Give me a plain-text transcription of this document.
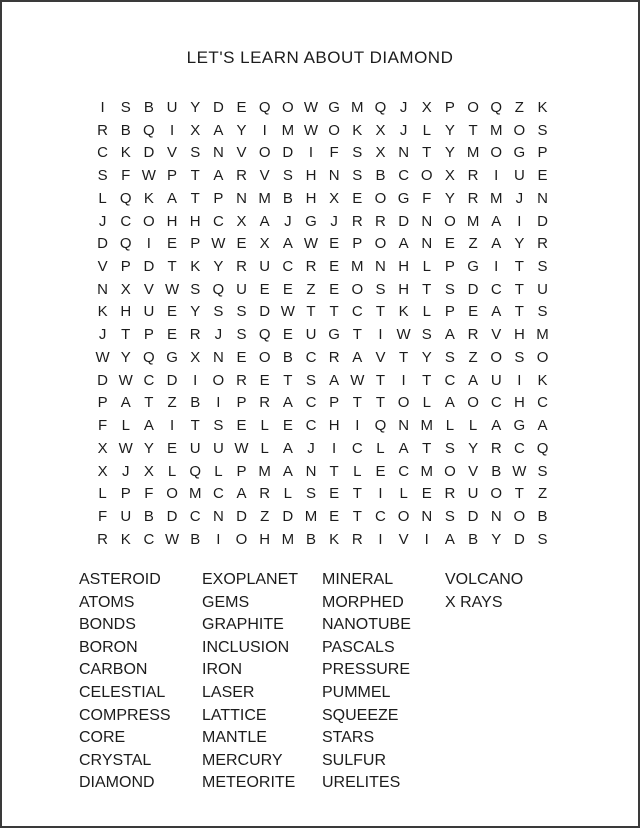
LET'S LEARN ABOUT DIAMOND
I	S B U Y D E Q O W G M Q J X P O Q Z K
R B Q	I	X A Y	I M W O K X J	L Y T M O S
C K D V S N V O D	I	F S X N T Y M O G P
S F W P T A R V S H N S B C O X R	I	U E
L Q K A T P N M B H X E O G F Y R M J N
J C O H H C X A J G J R R D N O M A	I	D
D Q	I	E P W E X A W E P O A N E Z A Y R
V P D T K Y R U C R E M N H L P G	I	T S
N X V W S Q U E E Z E O S H T S D C T U
K H U E Y S S D W T T C T K L P E A T S
J T P E R J S Q E U G T	I W S A R V H M
W Y Q G X N E O B C R A V T Y S Z O S O
D W C D	I	O R E T S A W T	I	T C A U	I	K
P A T Z B	I	P R A C P T T O L A O C H C
F L A	I	T S E L E C H	I	Q N M L L A G A
X W Y E U U W L A J	I	C L A T S Y R C Q
X J X L Q L P M A N T L E C M O V B W S
L P F O M C A R L S E T	I	L E R U O T Z
F U B D C N D Z D M E T C O N S D N O B
R K C W B	I	O H M B K R	I	V	I	A B Y D S
ASTEROID
ATOMS
BONDS
BORON
CARBON
CELESTIAL
COMPRESS
CORE
CRYSTAL
DIAMOND
EXOPLANET
GEMS
GRAPHITE
INCLUSION
IRON
LASER
LATTICE
MANTLE
MERCURY
METEORITE
MINERAL
MORPHED
NANOTUBE
PASCALS
PRESSURE
PUMMEL
SQUEEZE
STARS
SULFUR
URELITES
VOLCANO
X RAYS
